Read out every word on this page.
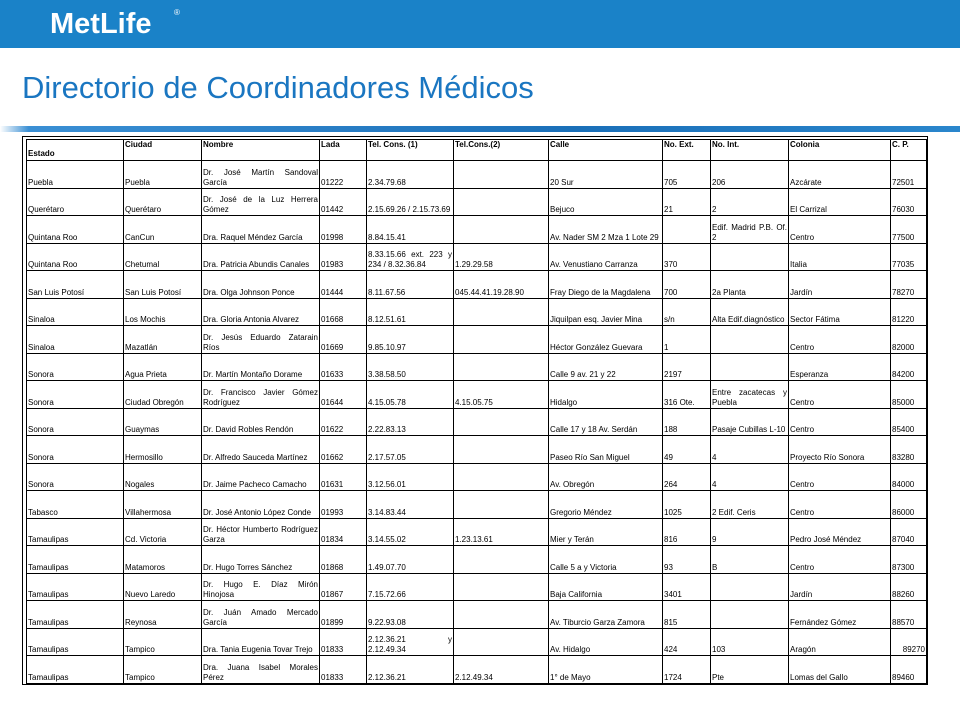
MetLife	®
Directorio de Coordinadores Médicos
Estado	Ciudad	Nombre	Lada	Tel. Cons. (1)	Tel.Cons.(2)	Calle	No. Ext.	No. Int.	Colonia	C. P.
Puebla	Puebla	Dr. José Martín Sandoval García	01222	2.34.79.68		20 Sur	705	206	Azcárate	72501
Querétaro	Querétaro	Dr. José de la Luz Herrera Gómez	01442	2.15.69.26 / 2.15.73.69		Bejuco	21	2	El Carrizal	76030
Quintana Roo	CanCun	Dra. Raquel Méndez García	01998	8.84.15.41		Av. Nader SM 2 Mza 1 Lote 29		Edif. Madrid P.B. Of. 2	Centro	77500
Quintana Roo	Chetumal	Dra. Patricia Abundis Canales	01983	8.33.15.66 ext. 223 y 234 / 8.32.36.84	1.29.29.58	Av. Venustiano Carranza	370		Italia	77035
San Luis Potosí	San Luis Potosí	Dra. Olga Johnson Ponce	01444	8.11.67.56	045.44.41.19.28.90	Fray Diego de la Magdalena	700	2a Planta	Jardín	78270
Sinaloa	Los Mochis	Dra. Gloria Antonia Alvarez	01668	8.12.51.61		Jiquilpan esq. Javier Mina	s/n	Alta Edif.diagnóstico	Sector Fátima	81220
Sinaloa	Mazatlán	Dr. Jesús Eduardo Zatarain Ríos	01669	9.85.10.97		Héctor González Guevara	1		Centro	82000
Sonora	Agua Prieta	Dr. Martín Montaño Dorame	01633	3.38.58.50		Calle 9 av. 21 y 22	2197		Esperanza	84200
Sonora	Ciudad Obregón	Dr. Francisco Javier Gómez Rodríguez	01644	4.15.05.78	4.15.05.75	Hidalgo	316 Ote.	Entre zacatecas y Puebla	Centro	85000
Sonora	Guaymas	Dr. David Robles Rendón	01622	2.22.83.13		Calle 17 y 18 Av. Serdán	188	Pasaje Cubillas L-10	Centro	85400
Sonora	Hermosillo	Dr. Alfredo Sauceda Martínez	01662	2.17.57.05		Paseo Río San Miguel	49	4	Proyecto Río Sonora	83280
Sonora	Nogales	Dr. Jaime Pacheco Camacho	01631	3.12.56.01		Av. Obregón	264	4	Centro	84000
Tabasco	Villahermosa	Dr. José Antonio López Conde	01993	3.14.83.44		Gregorio Méndez	1025	2 Edif. Ceris	Centro	86000
Tamaulipas	Cd. Victoria	Dr. Héctor Humberto Rodríguez Garza	01834	3.14.55.02	1.23.13.61	Mier y Terán	816	9	Pedro José Méndez	87040
Tamaulipas	Matamoros	Dr. Hugo Torres Sánchez	01868	1.49.07.70		Calle 5 a y Victoria	93	B	Centro	87300
Tamaulipas	Nuevo Laredo	Dr. Hugo E. Díaz Mirón Hinojosa	01867	7.15.72.66		Baja California	3401		Jardín	88260
Tamaulipas	Reynosa	Dr. Juán Amado Mercado García	01899	9.22.93.08		Av. Tiburcio Garza Zamora	815		Fernández Gómez	88570
Tamaulipas	Tampico	Dra. Tania Eugenia Tovar Trejo	01833	2.12.36.21 y 2.12.49.34		Av. Hidalgo	424	103	Aragón	89270
Tamaulipas	Tampico	Dra. Juana Isabel Morales Pérez	01833	2.12.36.21	2.12.49.34	1° de Mayo	1724	Pte	Lomas del Gallo	89460
